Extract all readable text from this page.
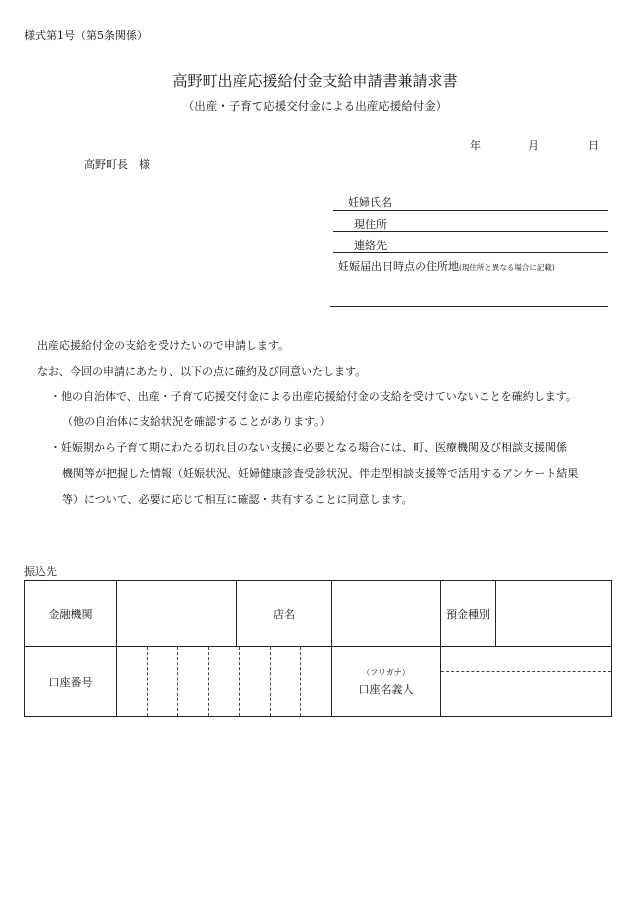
様式第1号（第5条関係）
高野町出産応援給付金支給申請書兼請求書
（出産・子育て応援交付金による出産応援給付金）
年	月	日
高野町長　様
妊婦氏名
現住所
連絡先
妊娠届出日時点の住所地(現住所と異なる場合に記載)
出産応援給付金の支給を受けたいので申請します。
なお、今回の申請にあたり、以下の点に確約及び同意いたします。
・他の自治体で、出産・子育て応援交付金による出産応援給付金の支給を受けていないことを確約します。
（他の自治体に支給状況を確認することがあります。）
・妊娠期から子育て期にわたる切れ目のない支援に必要となる場合には、町、医療機関及び相談支援関係
機関等が把握した情報（妊娠状況、妊婦健康診査受診状況、伴走型相談支援等で活用するアンケート結果
等）について、必要に応じて相互に確認・共有することに同意します。
振込先
金融機関		店名		預金種別	
口座番号			（フリガナ）
口座名義人		
